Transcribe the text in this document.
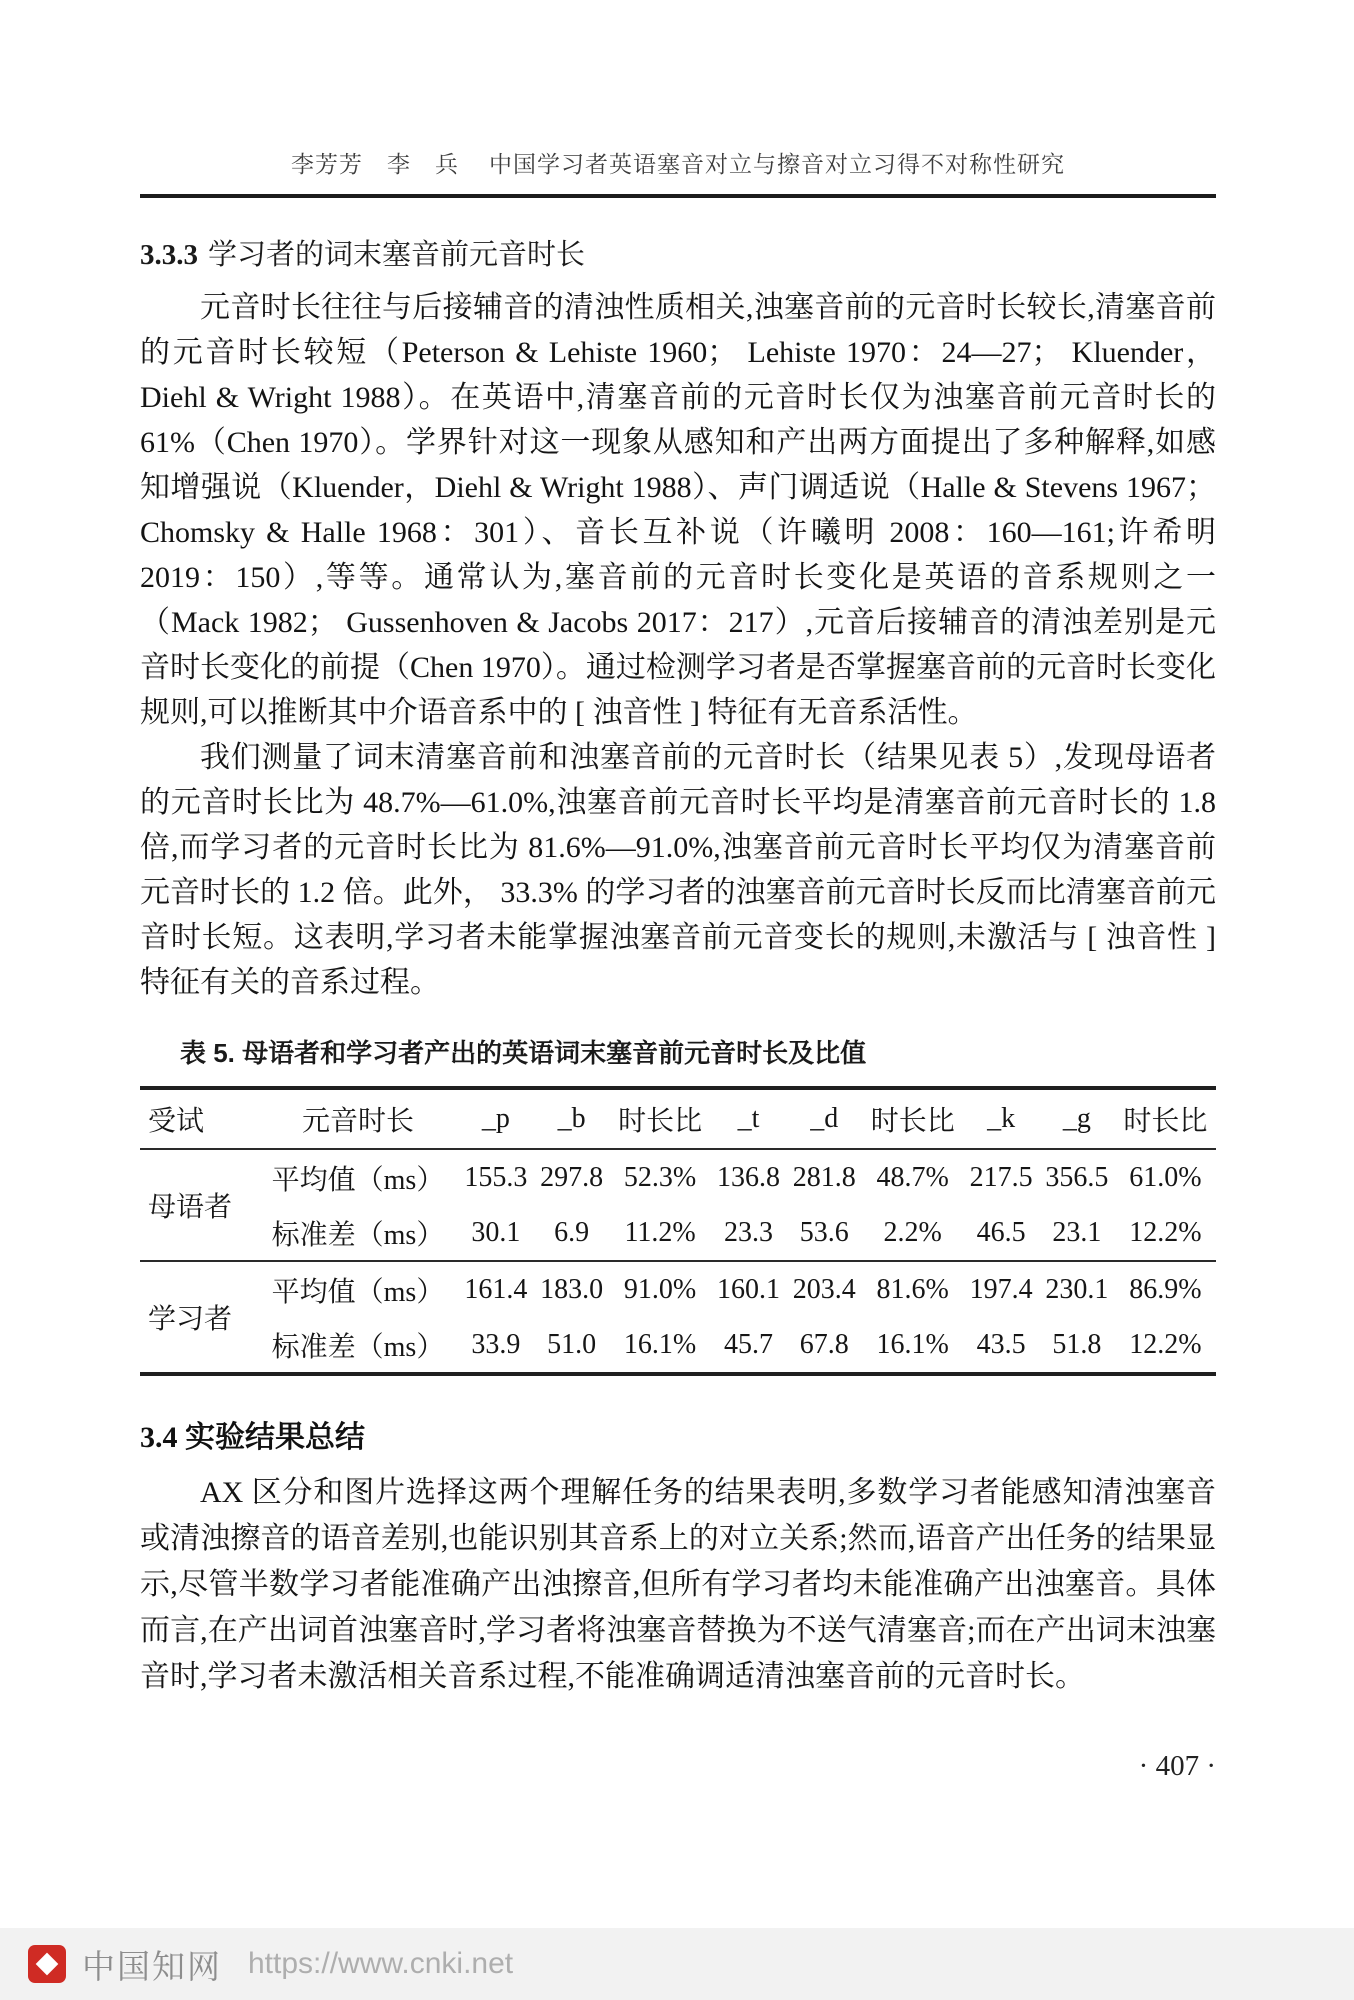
李芳芳　李　兵 中国学习者英语塞音对立与擦音对立习得不对称性研究
3.3.3 学习者的词末塞音前元音时长

元音时长往往与后接辅音的清浊性质相关,浊塞音前的元音时长较长,清塞音前的元音时长较短（Peterson & Lehiste 1960； Lehiste 1970：24—27； Kluender，Diehl & Wright 1988）。在英语中,清塞音前的元音时长仅为浊塞音前元音时长的 61%（Chen 1970）。学界针对这一现象从感知和产出两方面提出了多种解释,如感知增强说（Kluender，Diehl & Wright 1988）、声门调适说（Halle & Stevens 1967； Chomsky & Halle 1968：301）、音长互补说（许曦明 2008：160—161;许希明 2019：150）,等等。通常认为,塞音前的元音时长变化是英语的音系规则之一（Mack 1982； Gussenhoven & Jacobs 2017：217）,元音后接辅音的清浊差别是元音时长变化的前提（Chen 1970）。通过检测学习者是否掌握塞音前的元音时长变化规则,可以推断其中介语音系中的 [ 浊音性 ] 特征有无音系活性。

我们测量了词末清塞音前和浊塞音前的元音时长（结果见表 5）,发现母语者的元音时长比为 48.7%—61.0%,浊塞音前元音时长平均是清塞音前元音时长的 1.8 倍,而学习者的元音时长比为 81.6%—91.0%,浊塞音前元音时长平均仅为清塞音前元音时长的 1.2 倍。此外， 33.3% 的学习者的浊塞音前元音时长反而比清塞音前元音时长短。这表明,学习者未能掌握浊塞音前元音变长的规则,未激活与 [ 浊音性 ] 特征有关的音系过程。

表 5. 母语者和学习者产出的英语词末塞音前元音时长及比值
受试	元音时长	_p	_b	时长比	_t	_d	时长比	_k	_g	时长比
母语者	平均值（ms）	155.3	297.8	52.3%	136.8	281.8	48.7%	217.5	356.5	61.0%
	标准差（ms）	30.1	6.9	11.2%	23.3	53.6	2.2%	46.5	23.1	12.2%
学习者	平均值（ms）	161.4	183.0	91.0%	160.1	203.4	81.6%	197.4	230.1	86.9%
	标准差（ms）	33.9	51.0	16.1%	45.7	67.8	16.1%	43.5	51.8	12.2%
3.4 实验结果总结

AX 区分和图片选择这两个理解任务的结果表明,多数学习者能感知清浊塞音或清浊擦音的语音差别,也能识别其音系上的对立关系;然而,语音产出任务的结果显示,尽管半数学习者能准确产出浊擦音,但所有学习者均未能准确产出浊塞音。具体而言,在产出词首浊塞音时,学习者将浊塞音替换为不送气清塞音;而在产出词末浊塞音时,学习者未激活相关音系过程,不能准确调适清浊塞音前的元音时长。

· 407 ·
中国知网 https://www.cnki.net
